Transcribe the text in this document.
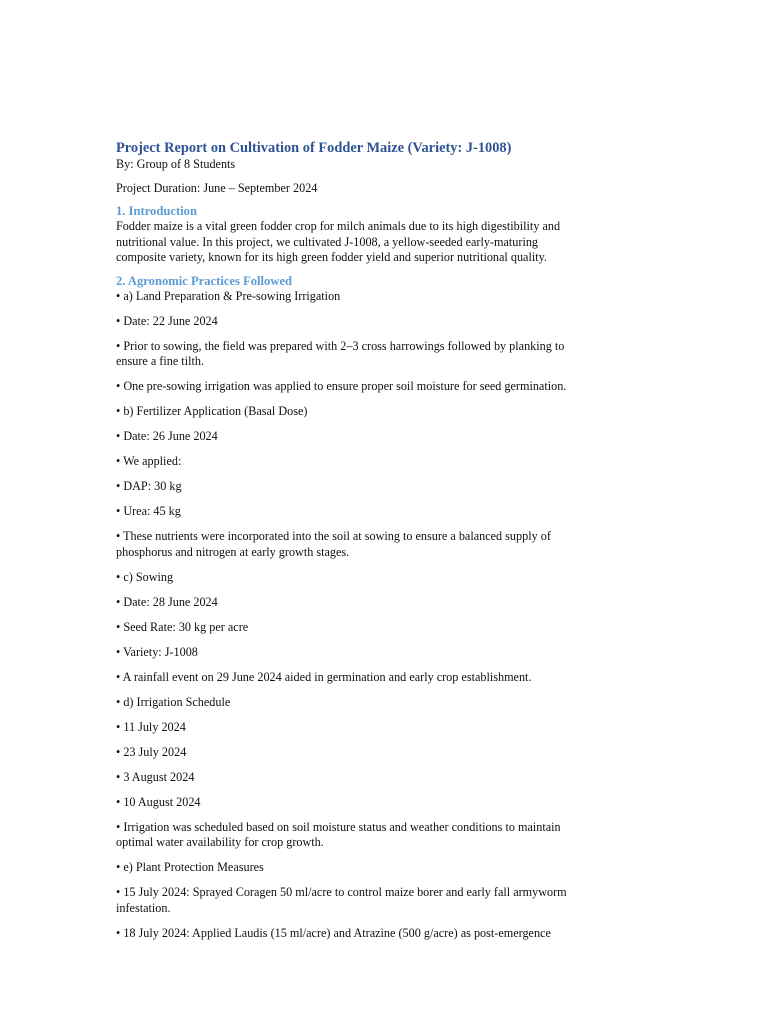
Project Report on Cultivation of Fodder Maize (Variety: J-1008)

By: Group of 8 Students

Project Duration: June – September 2024

1. Introduction

Fodder maize is a vital green fodder crop for milch animals due to its high digestibility and nutritional value. In this project, we cultivated J-1008, a yellow-seeded early-maturing composite variety, known for its high green fodder yield and superior nutritional quality.

2. Agronomic Practices Followed
• a) Land Preparation & Pre-sowing Irrigation
• Date: 22 June 2024
• Prior to sowing, the field was prepared with 2–3 cross harrowings followed by planking to ensure a fine tilth.
• One pre-sowing irrigation was applied to ensure proper soil moisture for seed germination.
• b) Fertilizer Application (Basal Dose)
• Date: 26 June 2024
• We applied:
• DAP: 30 kg
• Urea: 45 kg
• These nutrients were incorporated into the soil at sowing to ensure a balanced supply of phosphorus and nitrogen at early growth stages.
• c) Sowing
• Date: 28 June 2024
• Seed Rate: 30 kg per acre
• Variety: J-1008
• A rainfall event on 29 June 2024 aided in germination and early crop establishment.
• d) Irrigation Schedule
• 11 July 2024
• 23 July 2024
• 3 August 2024
• 10 August 2024
• Irrigation was scheduled based on soil moisture status and weather conditions to maintain optimal water availability for crop growth.
• e) Plant Protection Measures
• 15 July 2024: Sprayed Coragen 50 ml/acre to control maize borer and early fall armyworm infestation.
• 18 July 2024: Applied Laudis (15 ml/acre) and Atrazine (500 g/acre) as post-emergence
